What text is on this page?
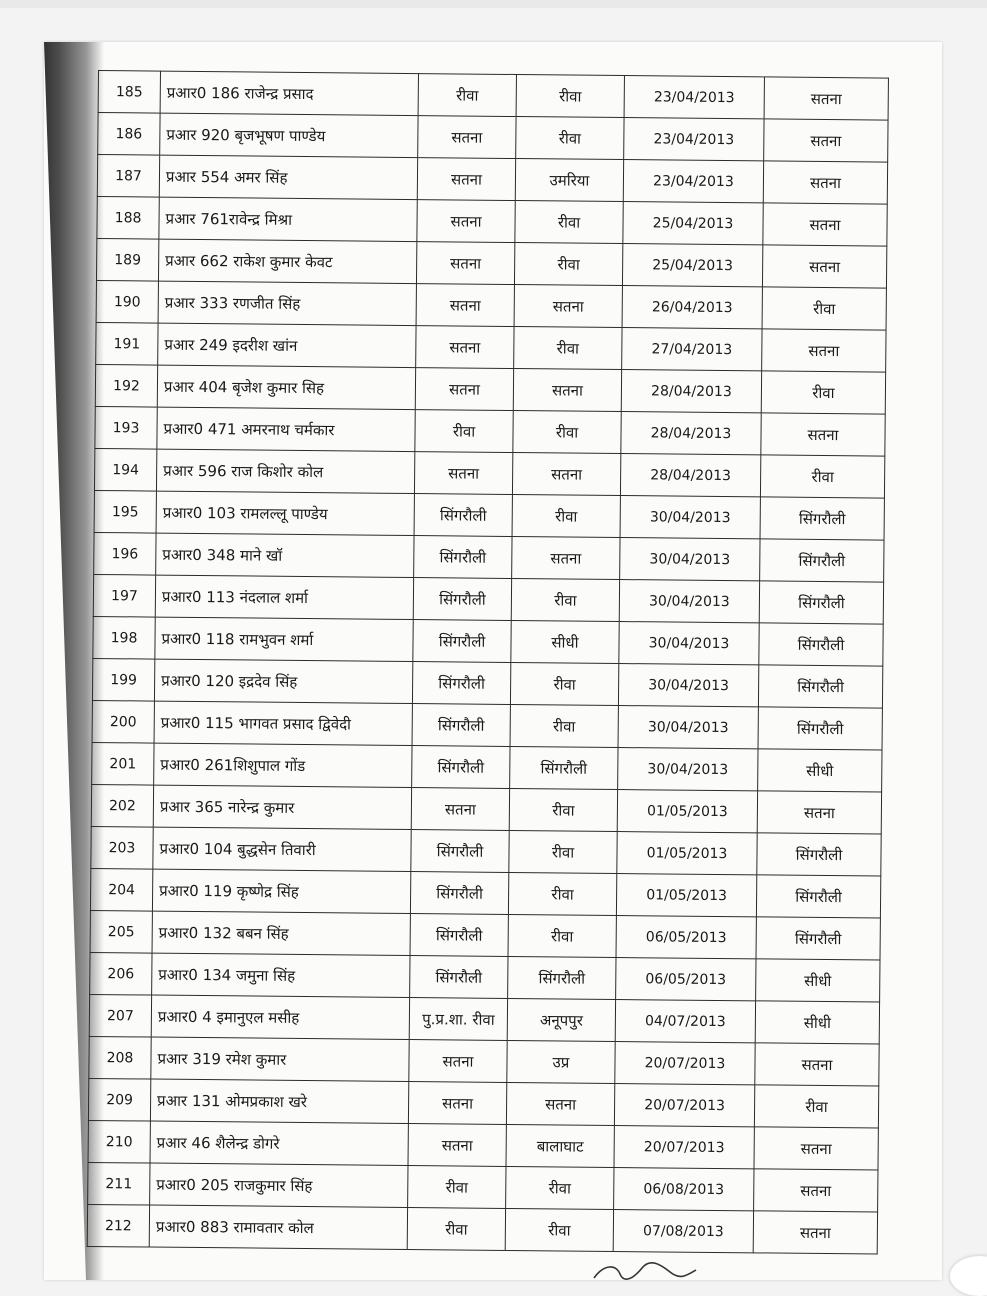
185	प्रआर0 186 राजेन्द्र प्रसाद	रीवा	रीवा	23/04/2013	सतना
186	प्रआर 920 बृजभूषण पाण्डेय	सतना	रीवा	23/04/2013	सतना
187	प्रआर 554 अमर सिंह	सतना	उमरिया	23/04/2013	सतना
188	प्रआर 761रावेन्द्र मिश्रा	सतना	रीवा	25/04/2013	सतना
189	प्रआर 662 राकेश कुमार केवट	सतना	रीवा	25/04/2013	सतना
190	प्रआर 333 रणजीत सिंह	सतना	सतना	26/04/2013	रीवा
191	प्रआर 249 इदरीश खांन	सतना	रीवा	27/04/2013	सतना
192	प्रआर 404 बृजेश कुमार सिह	सतना	सतना	28/04/2013	रीवा
193	प्रआर0 471 अमरनाथ चर्मकार	रीवा	रीवा	28/04/2013	सतना
194	प्रआर 596 राज किशोर कोल	सतना	सतना	28/04/2013	रीवा
195	प्रआर0 103 रामलल्लू पाण्डेय	सिंगरौली	रीवा	30/04/2013	सिंगरौली
196	प्रआर0 348 माने खॉ	सिंगरौली	सतना	30/04/2013	सिंगरौली
197	प्रआर0 113 नंदलाल शर्मा	सिंगरौली	रीवा	30/04/2013	सिंगरौली
198	प्रआर0 118 रामभुवन शर्मा	सिंगरौली	सीधी	30/04/2013	सिंगरौली
199	प्रआर0 120 इद्रदेव सिंह	सिंगरौली	रीवा	30/04/2013	सिंगरौली
200	प्रआर0 115 भागवत प्रसाद द्विवेदी	सिंगरौली	रीवा	30/04/2013	सिंगरौली
201	प्रआर0 261शिशुपाल गोंड	सिंगरौली	सिंगरौली	30/04/2013	सीधी
202	प्रआर 365 नारेन्द्र कुमार	सतना	रीवा	01/05/2013	सतना
203	प्रआर0 104 बुद्धसेन तिवारी	सिंगरौली	रीवा	01/05/2013	सिंगरौली
204	प्रआर0 119 कृष्णेद्र सिंह	सिंगरौली	रीवा	01/05/2013	सिंगरौली
205	प्रआर0 132 बबन सिंह	सिंगरौली	रीवा	06/05/2013	सिंगरौली
206	प्रआर0 134 जमुना सिंह	सिंगरौली	सिंगरौली	06/05/2013	सीधी
207	प्रआर0 4 इमानुएल मसीह	पु.प्र.शा. रीवा	अनूपपुर	04/07/2013	सीधी
208	प्रआर 319 रमेश कुमार	सतना	उप्र	20/07/2013	सतना
209	प्रआर 131 ओमप्रकाश खरे	सतना	सतना	20/07/2013	रीवा
210	प्रआर 46 शैलेन्द्र डोगरे	सतना	बालाघाट	20/07/2013	सतना
211	प्रआर0 205 राजकुमार सिंह	रीवा	रीवा	06/08/2013	सतना
212	प्रआर0 883 रामावतार कोल	रीवा	रीवा	07/08/2013	सतना
